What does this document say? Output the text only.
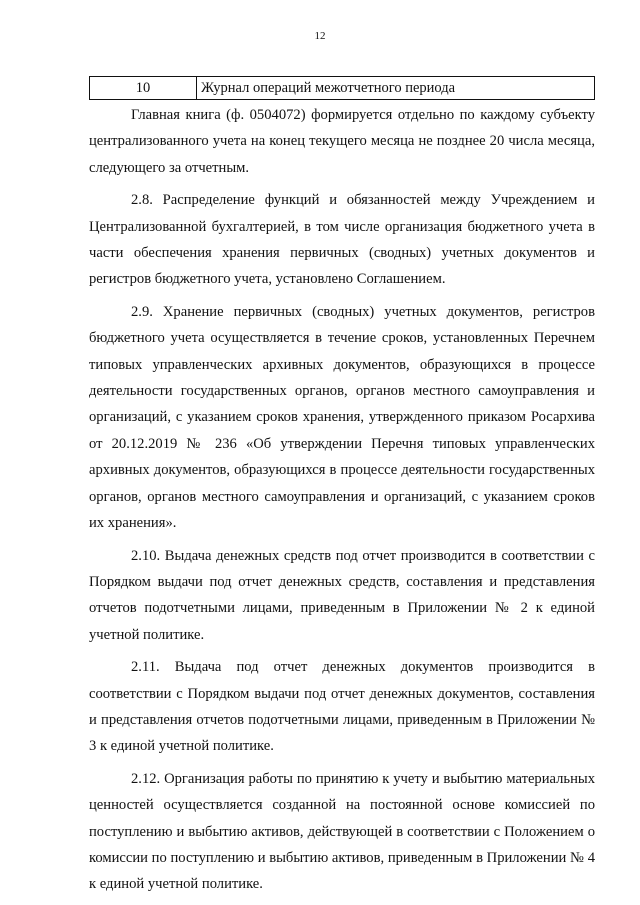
12
10	Журнал операций межотчетного периода

Главная книга (ф. 0504072) формируется отдельно по каждому субъекту централизованного учета на конец текущего месяца не позднее 20 числа месяца, следующего за отчетным.

2.8. Распределение функций и обязанностей между Учреждением и Централизованной бухгалтерией, в том числе организация бюджетного учета в части обеспечения хранения первичных (сводных) учетных документов и регистров бюджетного учета, установлено Соглашением.

2.9. Хранение первичных (сводных) учетных документов, регистров бюджетного учета осуществляется в течение сроков, установленных Перечнем типовых управленческих архивных документов, образующихся в процессе деятельности государственных органов, органов местного самоуправления и организаций, с указанием сроков хранения, утвержденного приказом Росархива от 20.12.2019 № 236 «Об утверждении Перечня типовых управленческих архивных документов, образующихся в процессе деятельности государственных органов, органов местного самоуправления и организаций, с указанием сроков их хранения».

2.10. Выдача денежных средств под отчет производится в соответствии с Порядком выдачи под отчет денежных средств, составления и представления отчетов подотчетными лицами, приведенным в Приложении № 2 к единой учетной политике.

2.11. Выдача под отчет денежных документов производится в соответствии с Порядком выдачи под отчет денежных документов, составления и представления отчетов подотчетными лицами, приведенным в Приложении № 3 к единой учетной политике.

2.12. Организация работы по принятию к учету и выбытию материальных ценностей осуществляется созданной на постоянной основе комиссией по поступлению и выбытию активов, действующей в соответствии с Положением о комиссии по поступлению и выбытию активов, приведенным в Приложении № 4 к единой учетной политике.
